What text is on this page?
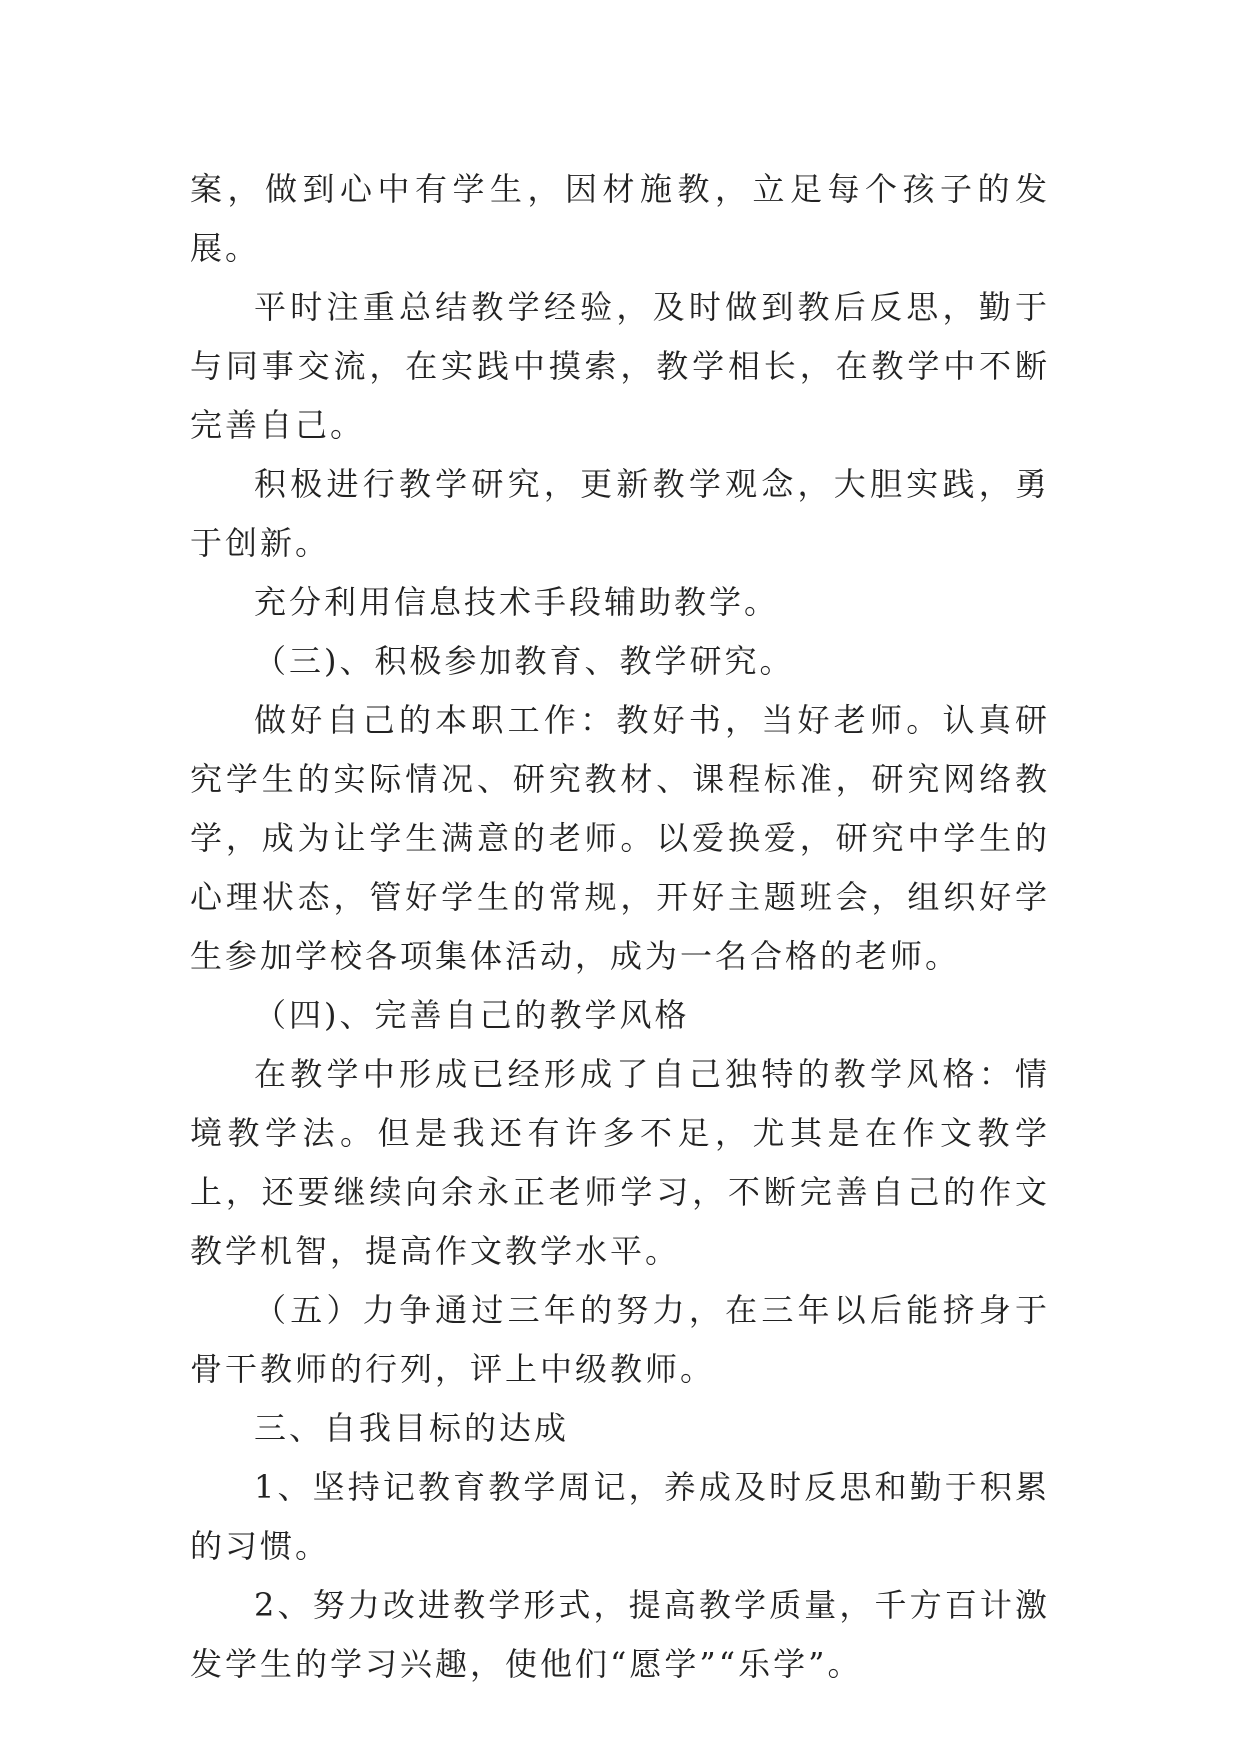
案，做到心中有学生，因材施教，立足每个孩子的发展。

平时注重总结教学经验，及时做到教后反思，勤于与同事交流，在实践中摸索，教学相长，在教学中不断完善自己。

积极进行教学研究，更新教学观念，大胆实践，勇于创新。

充分利用信息技术手段辅助教学。

（三)、积极参加教育、教学研究。

做好自己的本职工作：教好书，当好老师。认真研究学生的实际情况、研究教材、课程标准，研究网络教学，成为让学生满意的老师。以爱换爱，研究中学生的心理状态，管好学生的常规，开好主题班会，组织好学生参加学校各项集体活动，成为一名合格的老师。

（四)、完善自己的教学风格

在教学中形成已经形成了自己独特的教学风格：情境教学法。但是我还有许多不足，尤其是在作文教学上，还要继续向余永正老师学习，不断完善自己的作文教学机智，提高作文教学水平。

（五）力争通过三年的努力，在三年以后能挤身于骨干教师的行列，评上中级教师。

三、自我目标的达成

1、坚持记教育教学周记，养成及时反思和勤于积累的习惯。

2、努力改进教学形式，提高教学质量，千方百计激发学生的学习兴趣，使他们“愿学”“乐学”。
